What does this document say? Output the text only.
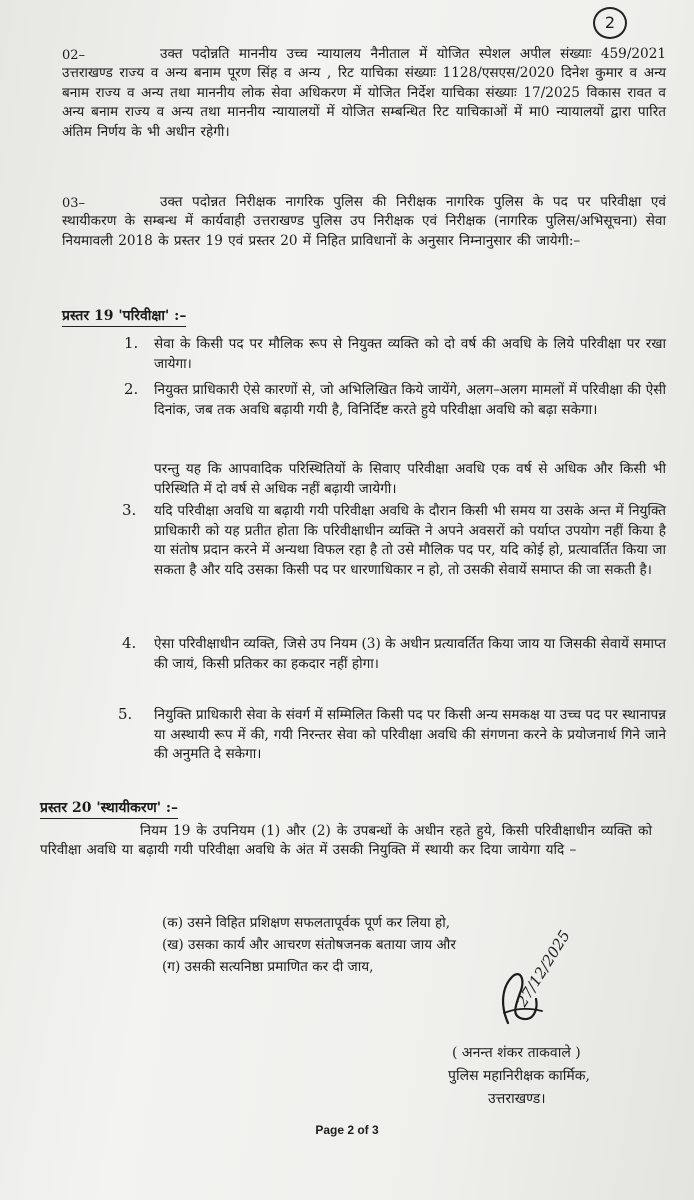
2
02–	उक्त पदोन्नति माननीय उच्च न्यायालय नैनीताल में योजित स्पेशल अपील संख्याः 459/2021 उत्तराखण्ड राज्य व अन्य बनाम पूरण सिंह व अन्य , रिट याचिका संख्याः 1128/एसएस/2020 दिनेश कुमार व अन्य बनाम राज्य व अन्य तथा माननीय लोक सेवा अधिकरण में योजित निर्देश याचिका संख्याः 17/2025 विकास रावत व अन्य बनाम राज्य व अन्य तथा माननीय न्यायालयों में योजित सम्बन्धित रिट याचिकाओं में मा0 न्यायालयों द्वारा पारित अंतिम निर्णय के भी अधीन रहेगी।
03–	उक्त पदोन्नत निरीक्षक नागरिक पुलिस की निरीक्षक नागरिक पुलिस के पद पर परिवीक्षा एवं स्थायीकरण के सम्बन्ध में कार्यवाही उत्तराखण्ड पुलिस उप निरीक्षक एवं निरीक्षक (नागरिक पुलिस/अभिसूचना) सेवा नियमावली 2018 के प्रस्तर 19 एवं प्रस्तर 20 में निहित प्राविधानों के अनुसार निम्नानुसार की जायेगी:–
प्रस्तर 19 'परिवीक्षा' :–
1. सेवा के किसी पद पर मौलिक रूप से नियुक्त व्यक्ति को दो वर्ष की अवधि के लिये परिवीक्षा पर रखा जायेगा।
2. नियुक्त प्राधिकारी ऐसे कारणों से, जो अभिलिखित किये जायेंगे, अलग–अलग मामलों में परिवीक्षा की ऐसी दिनांक, जब तक अवधि बढ़ायी गयी है, विनिर्दिष्ट करते हुये परिवीक्षा अवधि को बढ़ा सकेगा।
परन्तु यह कि आपवादिक परिस्थितियों के सिवाए परिवीक्षा अवधि एक वर्ष से अधिक और किसी भी परिस्थिति में दो वर्ष से अधिक नहीं बढ़ायी जायेगी।
3. यदि परिवीक्षा अवधि या बढ़ायी गयी परिवीक्षा अवधि के दौरान किसी भी समय या उसके अन्त में नियुक्ति प्राधिकारी को यह प्रतीत होता कि परिवीक्षाधीन व्यक्ति ने अपने अवसरों को पर्याप्त उपयोग नहीं किया है या संतोष प्रदान करने में अन्यथा विफल रहा है तो उसे मौलिक पद पर, यदि कोई हो, प्रत्यावर्तित किया जा सकता है और यदि उसका किसी पद पर धारणाधिकार न हो, तो उसकी सेवायें समाप्त की जा सकती है।
4. ऐसा परिवीक्षाधीन व्यक्ति, जिसे उप नियम (3) के अधीन प्रत्यावर्तित किया जाय या जिसकी सेवायें समाप्त की जायं, किसी प्रतिकर का हकदार नहीं होगा।
5. नियुक्ति प्राधिकारी सेवा के संवर्ग में सम्मिलित किसी पद पर किसी अन्य समकक्ष या उच्च पद पर स्थानापन्न या अस्थायी रूप में की, गयी निरन्तर सेवा को परिवीक्षा अवधि की संगणना करने के प्रयोजनार्थ गिने जाने की अनुमति दे सकेगा।
प्रस्तर 20 'स्थायीकरण' :–
नियम 19 के उपनियम (1) और (2) के उपबन्धों के अधीन रहते हुये, किसी परिवीक्षाधीन व्यक्ति को परिवीक्षा अवधि या बढ़ायी गयी परिवीक्षा अवधि के अंत में उसकी नियुक्ति में स्थायी कर दिया जायेगा यदि –
(क) उसने विहित प्रशिक्षण सफलतापूर्वक पूर्ण कर लिया हो,
(ख) उसका कार्य और आचरण संतोषजनक बताया जाय और
(ग) उसकी सत्यनिष्ठा प्रमाणित कर दी जाय,	27/12/2025
( अनन्त शंकर ताकवाले )
पुलिस महानिरीक्षक कार्मिक,
उत्तराखण्ड।
Page 2 of 3
